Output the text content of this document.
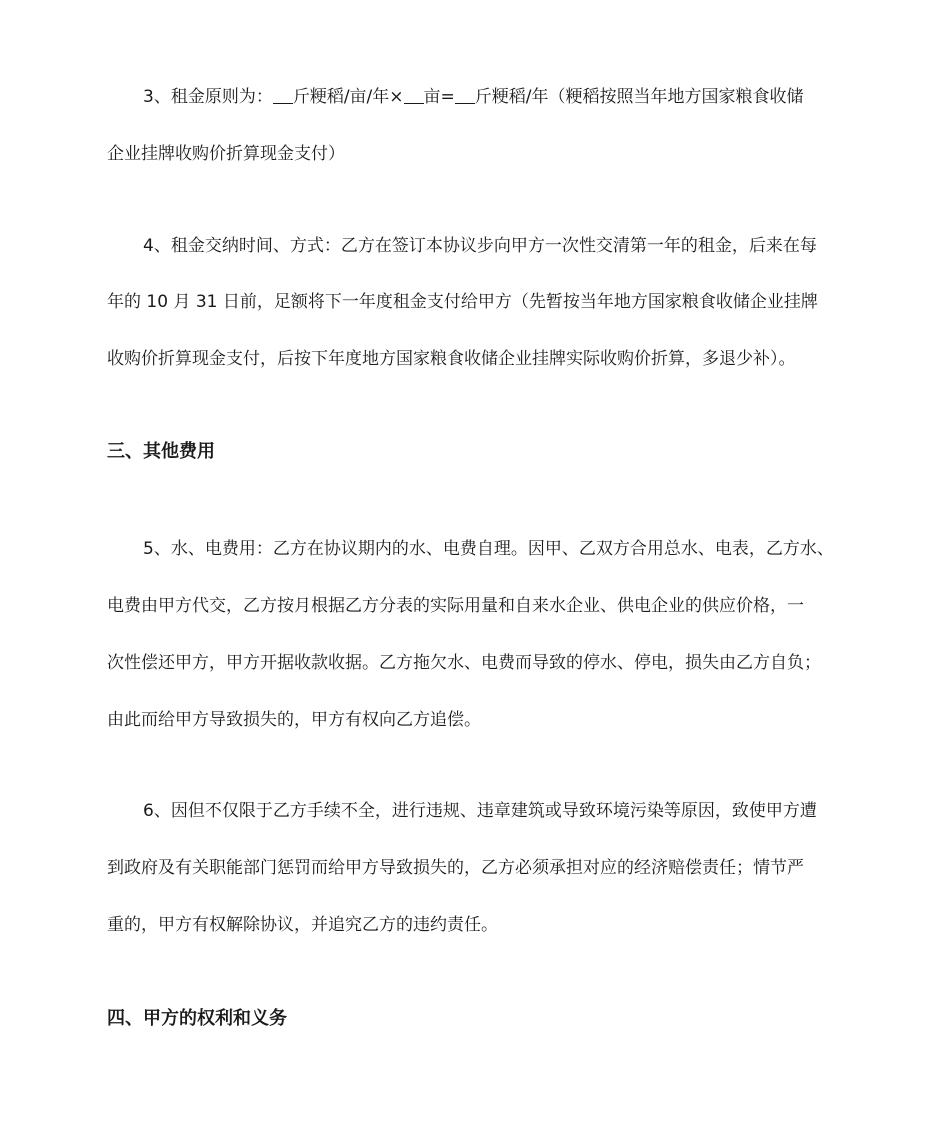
3、租金原则为： 斤粳稻/亩/年× 亩= 斤粳稻/年（粳稻按照当年地方国家粮食收储
企业挂牌收购价折算现金支付）
4、租金交纳时间、方式：乙方在签订本协议步向甲方一次性交清第一年的租金，后来在每
年的 10 月 31 日前，足额将下一年度租金支付给甲方（先暂按当年地方国家粮食收储企业挂牌
收购价折算现金支付，后按下年度地方国家粮食收储企业挂牌实际收购价折算，多退少补）。
三、其他费用
5、水、电费用：乙方在协议期内的水、电费自理。因甲、乙双方合用总水、电表，乙方水、
电费由甲方代交，乙方按月根据乙方分表的实际用量和自来水企业、供电企业的供应价格，一
次性偿还甲方，甲方开据收款收据。乙方拖欠水、电费而导致的停水、停电，损失由乙方自负；
由此而给甲方导致损失的，甲方有权向乙方追偿。
6、因但不仅限于乙方手续不全，进行违规、违章建筑或导致环境污染等原因，致使甲方遭
到政府及有关职能部门惩罚而给甲方导致损失的，乙方必须承担对应的经济赔偿责任；情节严
重的，甲方有权解除协议，并追究乙方的违约责任。
四、甲方的权利和义务
